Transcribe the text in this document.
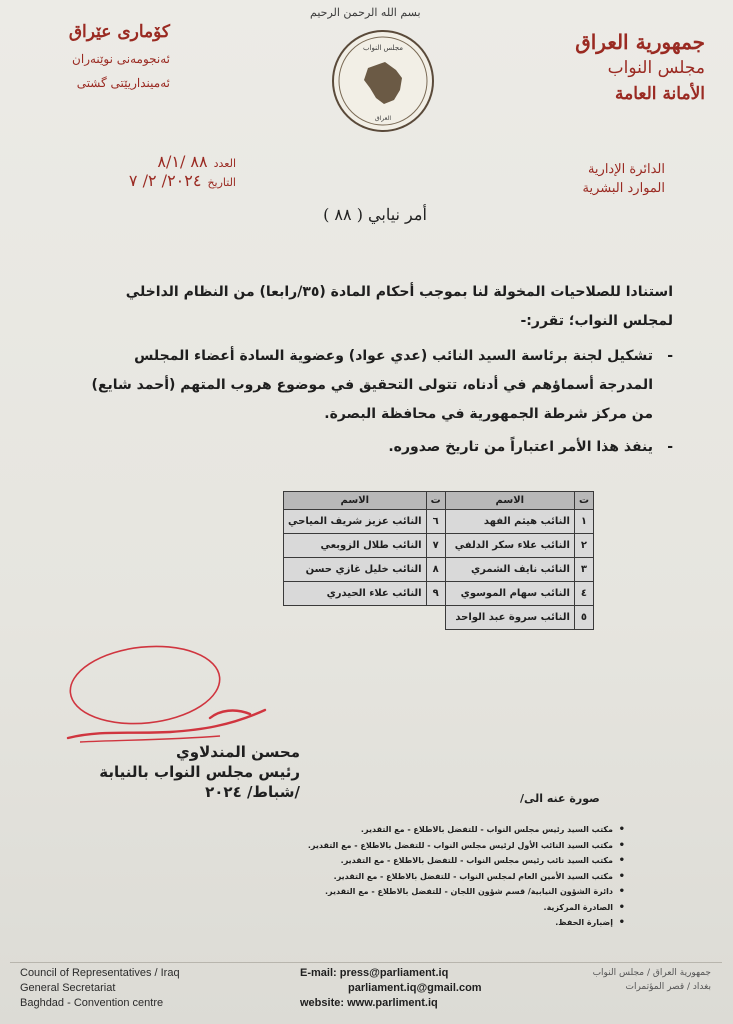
جمهورية العراق
مجلس النواب
الأمانة العامة
كۆماری عێراق
ئەنجومەنی نوێنەران
ئەمینداریێتی گشتی
بسم الله الرحمن الرحيم
مجلس النواب
العراق
العدد
٨٨ /٨/١
التاريخ
٢٠٢٤/ ٢/ ٧
الدائرة الإدارية
الموارد البشرية
أمر نيابي ( ٨٨ )

استنادا للصلاحيات المخولة لنا بموجب أحكام المادة (٣٥/رابعا) من النظام الداخلي

لمجلس النواب؛ تقرر:-

- تشكيل لجنة برئاسة السيد النائب (عدي عواد) وعضوية السادة أعضاء المجلس

المدرجة أسماؤهم في أدناه، تتولى التحقيق في موضوع هروب المتهم (أحمد شايع)

من مركز شرطة الجمهورية في محافظة البصرة.

- ينفذ هذا الأمر اعتباراً من تاريخ صدوره.

ت	الاسم	ت	الاسم
١	النائب هيثم الفهد	٦	النائب عزيز شريف المياحي
٢	النائب علاء سكر الدلفي	٧	النائب طلال الزوبعي
٣	النائب نايف الشمري	٨	النائب خليل غازي حسن
٤	النائب سهام الموسوي	٩	النائب علاء الحيدري
٥	النائب سروة عبد الواحد		
محسن المندلاوي
رئيس مجلس النواب بالنيابة
/شباط/ ٢٠٢٤	صورة عنه الى/
• مكتب السيد رئيس مجلس النواب - للتفضل بالاطلاع - مع التقدير.
• مكتب السيد النائب الأول لرئيس مجلس النواب - للتفضل بالاطلاع - مع التقدير.
• مكتب السيد نائب رئيس مجلس النواب - للتفضل بالاطلاع - مع التقدير.
• مكتب السيد الأمين العام لمجلس النواب - للتفضل بالاطلاع - مع التقدير.
• دائرة الشؤون النيابية/ قسم شؤون اللجان - للتفضل بالاطلاع - مع التقدير.
• الصادرة المركزية.
• إضبارة الحفظ.
Council of Representatives / Iraq
General Secretariat
Baghdad - Convention centre
E-mail: press@parliament.iq
parliament.iq@gmail.com
website: www.parliment.iq
جمهورية العراق / مجلس النواب
بغداد / قصر المؤتمرات
